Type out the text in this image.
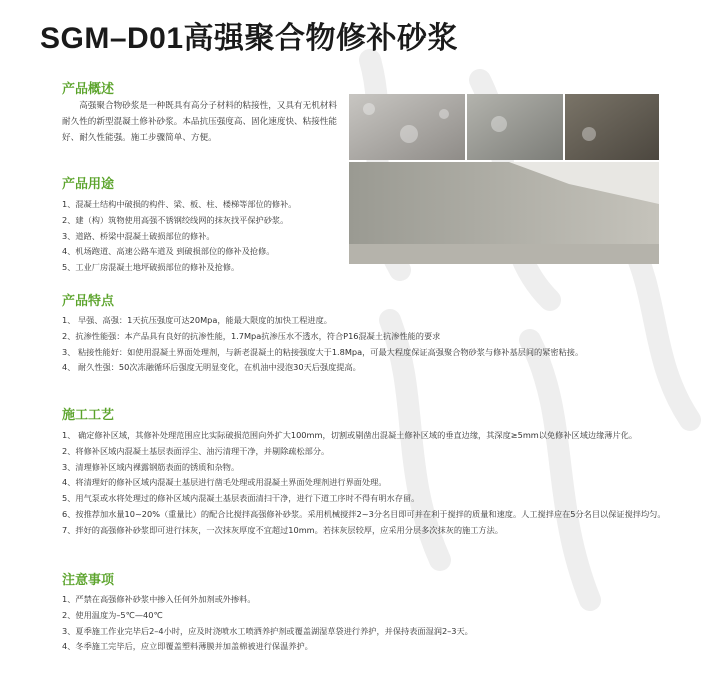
SGM–D01高强聚合物修补砂浆
产品概述
　　高强聚合物砂浆是一种既具有高分子材料的粘接性，又具有无机材料耐久性的新型混凝土修补砂浆。本品抗压强度高、固化速度快、粘接性能好、耐久性能强。施工步骤简单、方便。
产品用途
1、混凝土结构中破损的构件、梁、板、柱、楼梯等部位的修补。
2、建（构）筑物使用高强不锈钢绞线网的抹灰找平保护砂浆。
3、道路、桥梁中混凝土破损部位的修补。
4、机场跑道、高速公路车道及 到破损部位的修补及抢修。
5、工业厂房混凝土地坪破损部位的修补及抢修。
产品特点
1、 早强、高强：1天抗压强度可达20Mpa，能最大限度的加快工程进度。
2、抗渗性能强：本产品具有良好的抗渗性能，1.7Mpa抗渗压水不透水，符合P16混凝土抗渗性能的要求
3、 粘接性能好：如使用混凝土界面处理剂，与新老混凝土的粘接强度大于1.8Mpa，可最大程度保证高强聚合物砂浆与修补基层间的紧密粘接。
4、 耐久性强：50次冻融循环后强度无明显变化，在机油中浸泡30天后强度提高。
施工工艺
1、 确定修补区域，其修补处理范围应比实际破损范围向外扩大100mm，切割或剔凿出混凝土修补区域的垂直边缘，其深度≥5mm以免修补区域边缘薄片化。
2、将修补区域内混凝土基层表面浮尘、油污清理干净，并剔除疏松部分。
3、清理修补区域内裸露钢筋表面的锈质和杂物。
4、将清理好的修补区域内混凝土基层进行凿毛处理或用混凝土界面处理剂进行界面处理。
5、用气泵或水将处理过的修补区域内混凝土基层表面清扫干净，进行下道工序时不得有明水存留。
6、按推荐加水量10~20%（重量比）的配合比搅拌高强修补砂浆。采用机械搅拌2~3分名目即可并在利于搅拌的质量和速度。人工搅拌应在5分名目以保证搅拌均匀。
7、拌好的高强修补砂浆即可进行抹灰，一次抹灰厚度不宜超过10mm。若抹灰层较厚，应采用分层多次抹灰的施工方法。
注意事项
1、严禁在高强修补砂浆中掺入任何外加剂或外掺料。
2、使用温度为–5℃—40℃
3、夏季施工作业完毕后2–4小时，应及时浇喷水工喷洒养护剂或覆盖湖湿草袋进行养护，并保持表面湿润2–3天。
4、冬季施工完毕后，应立即覆盖塑料薄膜并加盖棉被进行保温养护。
